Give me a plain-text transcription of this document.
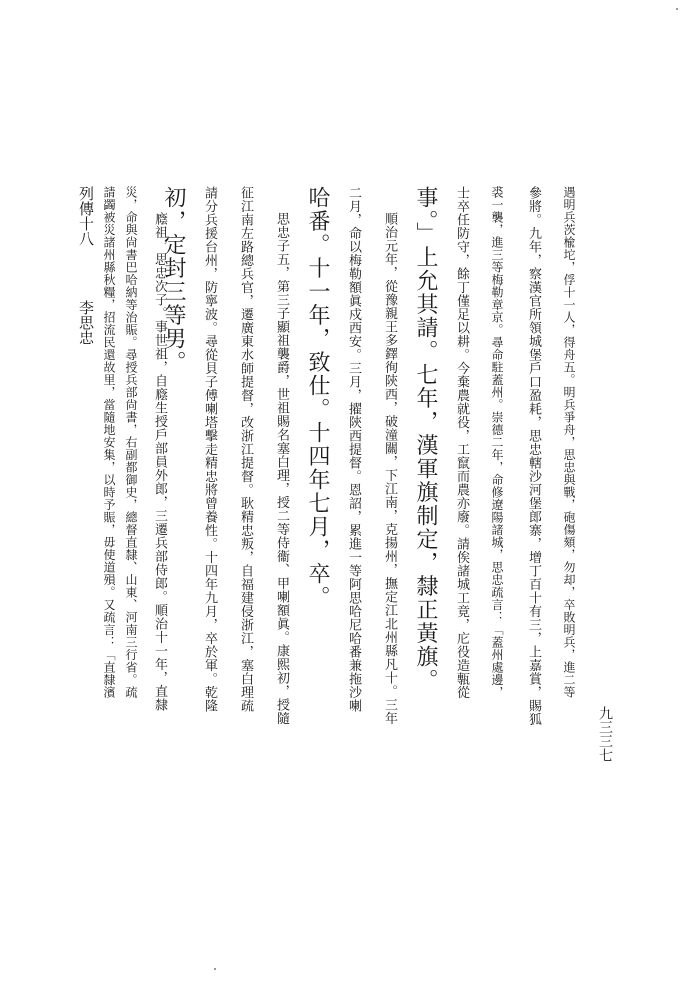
遇明兵茨楡坨，俘十一人，得舟五。明兵爭舟，思忠與戰，砲傷頦，勿却，卒敗明兵，進二等
參將。九年，察漢官所領城堡戶口盈耗，思忠轄沙河堡郎寨，增丁百十有三，上嘉賞，賜狐
裘一襲，進三等梅勒章京。尋命駐蓋州。崇德二年，命修遼陽諸城，思忠疏言：「蓋州處邊，
士卒任防守，餘丁僅足以耕。今棄農就役，工竄而農亦廢。請俟諸城工竟，庀役造甎從
事。」上允其請。七年，漢軍旗制定，隸正黃旗。
順治元年，從豫親王多鐸徇陝西，破潼關，下江南，克揚州，撫定江北州縣凡十。三年
二月，命以梅勒額眞戍西安。三月，擢陝西提督。恩詔，累進一等阿思哈尼哈番兼拖沙喇
哈番。十一年，致仕。十四年七月，卒。
思忠子五，第三子顯祖襲爵，世祖賜名塞白理，授二等侍衞、甲喇額眞。康熙初，授隨
征江南左路總兵官，遷廣東水師提督，改浙江提督。耿精忠叛，自福建侵浙江，塞白理疏
請分兵援台州，防寧波。尋從貝子傅喇塔擊走精忠將曾養性。十四年九月，卒於軍。乾隆
初，定封三等男。
廕祖，思忠次子。事世祖，自廕生授戶部員外郎，三遷兵部侍郎。順治十一年，直隸
災，命與尙書巴哈納等治賑。尋授兵部尙書，右副都御史，總督直隸、山東、河南三行省。疏
請蠲被災諸州縣秋糧，招流民還故里，當隨地安集，以時予賑，毋使道殞。又疏言：「直隸濱
列傳十八
李思忠
九三三七
